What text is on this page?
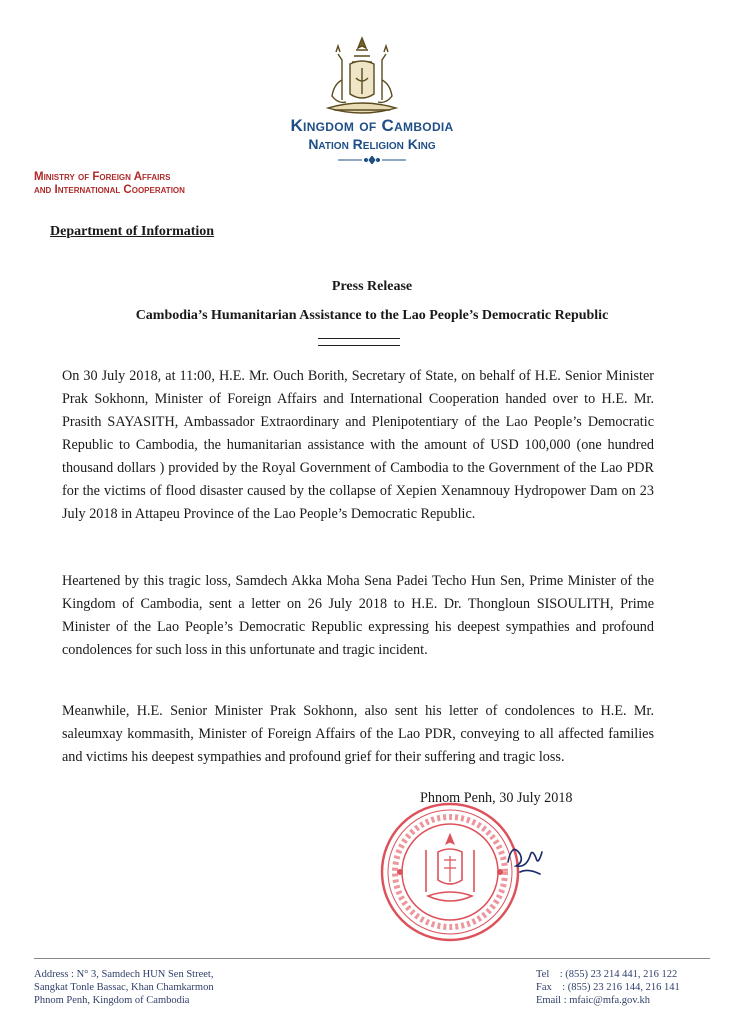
Kingdom of Cambodia
Nation Religion King
Ministry of Foreign Affairs
and International Cooperation
Department of Information
Press Release
Cambodia’s Humanitarian Assistance to the Lao People’s Democratic Republic
On 30 July 2018, at 11:00, H.E. Mr. Ouch Borith, Secretary of State, on behalf of H.E. Senior Minister Prak Sokhonn, Minister of Foreign Affairs and International Cooperation handed over to H.E. Mr. Prasith SAYASITH, Ambassador Extraordinary and Plenipotentiary of the Lao People’s Democratic Republic to Cambodia, the humanitarian assistance with the amount of USD 100,000 (one hundred thousand dollars ) provided by the Royal Government of Cambodia to the Government of the Lao PDR for the victims of flood disaster caused by the collapse of Xepien Xenamnouy Hydropower Dam on 23 July 2018 in Attapeu Province of the Lao People’s Democratic Republic.
Heartened by this tragic loss, Samdech Akka Moha Sena Padei Techo Hun Sen, Prime Minister of the Kingdom of Cambodia, sent a letter on 26 July 2018 to H.E. Dr. Thongloun SISOULITH, Prime Minister of the Lao People’s Democratic Republic expressing his deepest sympathies and profound condolences for such loss in this unfortunate and tragic incident.
Meanwhile, H.E. Senior Minister Prak Sokhonn, also sent his letter of condolences to H.E. Mr. saleumxay kommasith, Minister of Foreign Affairs of the Lao PDR, conveying to all affected families and victims his deepest sympathies and profound grief for their suffering and tragic loss.
Phnom Penh, 30 July 2018
Address : N° 3, Samdech HUN Sen Street,
Sangkat Tonle Bassac, Khan Chamkarmon
Phnom Penh, Kingdom of Cambodia
Tel    : (855) 23 214 441, 216 122
Fax    : (855) 23 216 144, 216 141
Email : mfaic@mfa.gov.kh
